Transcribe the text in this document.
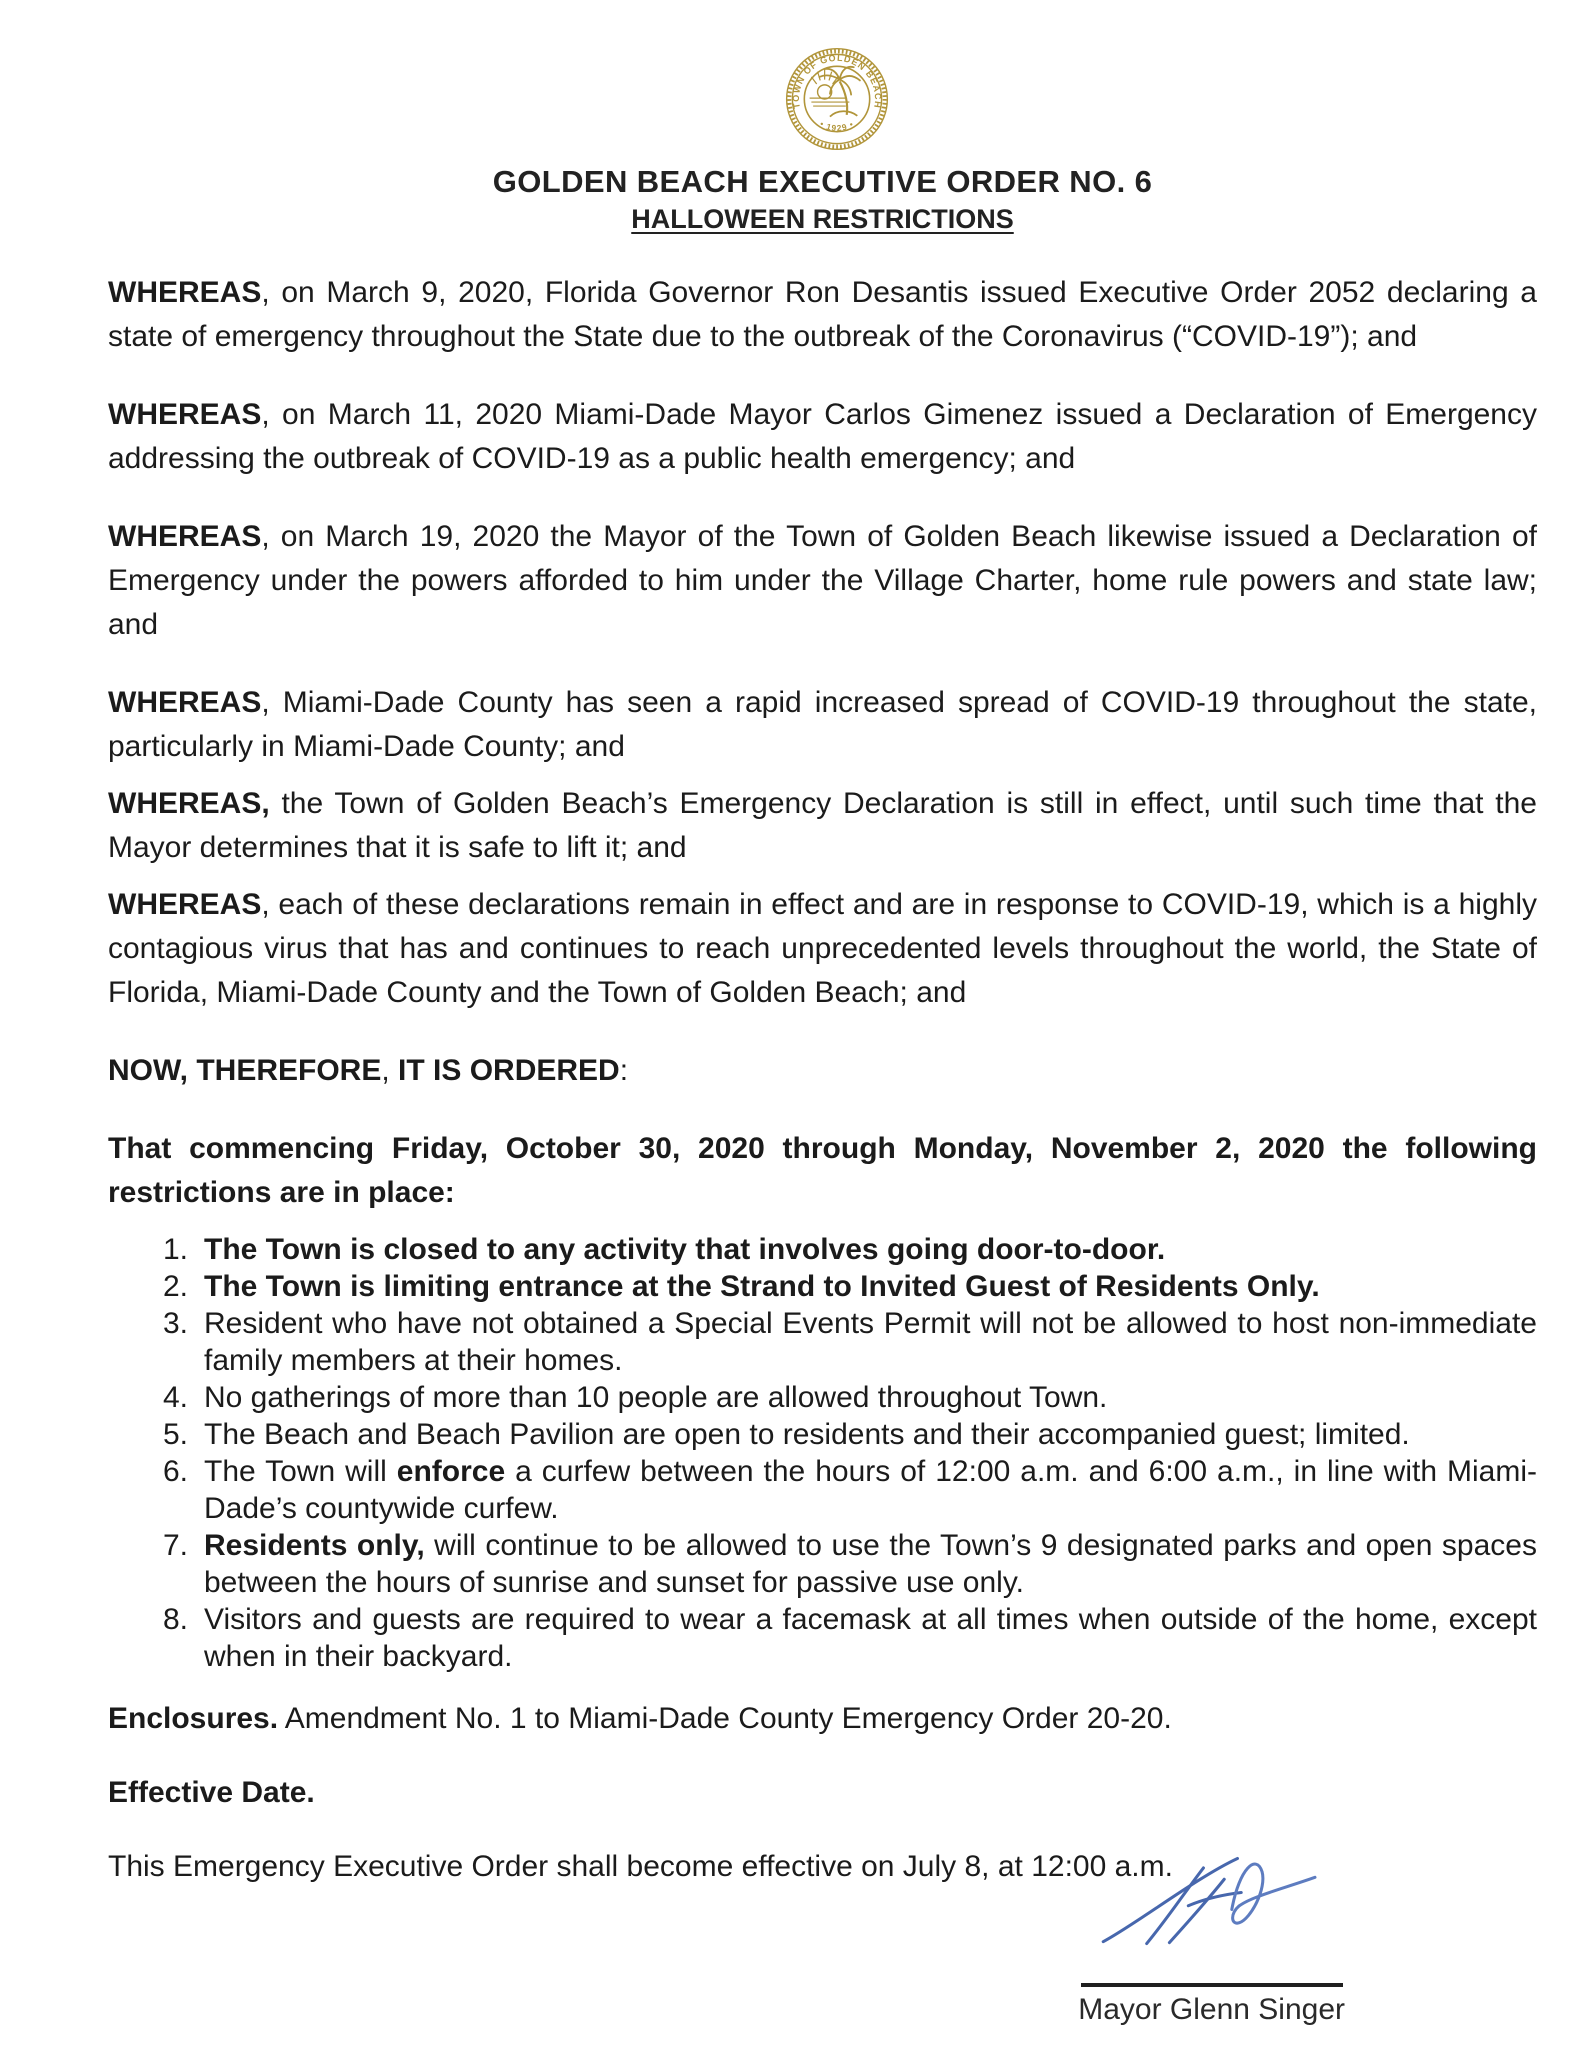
TOWN OF GOLDEN BEACH
• 1929 •
GOLDEN BEACH EXECUTIVE ORDER NO. 6
HALLOWEEN RESTRICTIONS

WHEREAS, on March 9, 2020, Florida Governor Ron Desantis issued Executive Order 2052 declaring a state of emergency throughout the State due to the outbreak of the Coronavirus (“COVID-19”); and

WHEREAS, on March 11, 2020 Miami-Dade Mayor Carlos Gimenez issued a Declaration of Emergency addressing the outbreak of COVID-19 as a public health emergency; and

WHEREAS, on March 19, 2020 the Mayor of the Town of Golden Beach likewise issued a Declaration of Emergency under the powers afforded to him under the Village Charter, home rule powers and state law; and

WHEREAS, Miami-Dade County has seen a rapid increased spread of COVID-19 throughout the state, particularly in Miami-Dade County; and

WHEREAS, the Town of Golden Beach’s Emergency Declaration is still in effect, until such time that the Mayor determines that it is safe to lift it; and

WHEREAS, each of these declarations remain in effect and are in response to COVID-19, which is a highly contagious virus that has and continues to reach unprecedented levels throughout the world, the State of Florida, Miami-Dade County and the Town of Golden Beach; and

NOW, THEREFORE, IT IS ORDERED:

That commencing Friday, October 30, 2020 through Monday, November 2, 2020 the following restrictions are in place:

1. The Town is closed to any activity that involves going door-to-door.
2. The Town is limiting entrance at the Strand to Invited Guest of Residents Only.
3. Resident who have not obtained a Special Events Permit will not be allowed to host non-immediate family members at their homes.
4. No gatherings of more than 10 people are allowed throughout Town.
5. The Beach and Beach Pavilion are open to residents and their accompanied guest; limited.
6. The Town will enforce a curfew between the hours of 12:00 a.m. and 6:00 a.m., in line with Miami-Dade’s countywide curfew.
7. Residents only, will continue to be allowed to use the Town’s 9 designated parks and open spaces between the hours of sunrise and sunset for passive use only.
8. Visitors and guests are required to wear a facemask at all times when outside of the home, except when in their backyard.

Enclosures. Amendment No. 1 to Miami-Dade County Emergency Order 20-20.

Effective Date.

This Emergency Executive Order shall become effective on July 8, at 12:00 a.m.

Mayor Glenn Singer
